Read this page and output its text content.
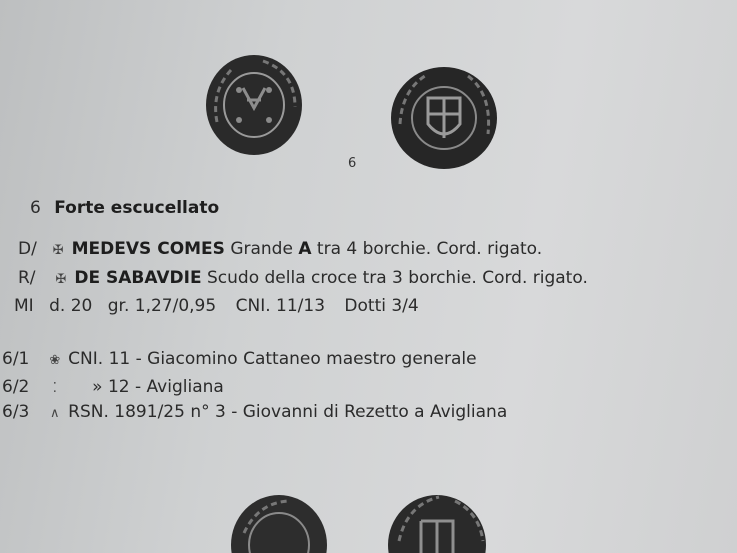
6
6 Forte escucellato
D/ ✠ MEDEVS COMES Grande A tra 4 borchie. Cord. rigato.
R/ ✠ DE SABAVDIE Scudo della croce tra 3 borchie. Cord. rigato.
MI d. 20 gr. 1,27/0,95 CNI. 11/13 Dotti 3/4
6/1 ❀ CNI. 11 - Giacomino Cattaneo maestro generale
6/2 ⁚ » 12 - Avigliana
6/3 ∧ RSN. 1891/25 n° 3 - Giovanni di Rezetto a Avigliana
